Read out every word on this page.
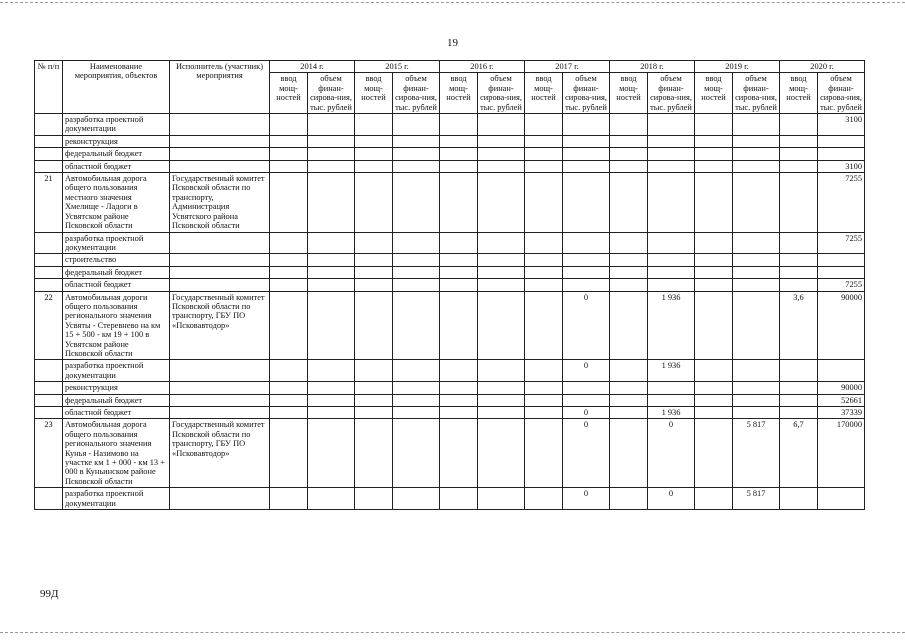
19
№ п/п	Наименование мероприятия, объектов	Исполнитель (участник) мероприятия	2014 г.		2015 г.		2016 г.		2017 г.		2018 г.		2019 г.		2020 г.	
			ввод мощ-ностей	объем финан-сирова-ния, тыс. рублей	ввод мощ-ностей	объем финан-сирова-ния, тыс. рублей	ввод мощ-ностей	объем финан-сирова-ния, тыс. рублей	ввод мощ-ностей	объем финан-сирова-ния, тыс. рублей	ввод мощ-ностей	объем финан-сирова-ния, тыс. рублей	ввод мощ-ностей	объем финан-сирова-ния, тыс. рублей	ввод мощ-ностей	объем финан-сирова-ния, тыс. рублей
	разработка проектной документации															3100
	реконструкция															
	федеральный бюджет															
	областной бюджет															3100
21	Автомобильная дорога общего пользования местного значения Хмелище - Ладоги в Усвятском районе Псковской области	Государственный комитет Псковской области по транспорту, Администрация Усвятского района Псковской области														7255
	разработка проектной документации															7255
	строительство															
	федеральный бюджет															
	областной бюджет															7255
22	Автомобильная дороги общего пользования регионального значения Усвяты - Стеревнево на км 15 + 500 - км 19 + 100 в Усвятском районе Псковской области	Государственный комитет Псковской области по транспорту, ГБУ ПО «Псковавтодор»								0		1 936			3,6	90000
	разработка проектной документации									0		1 936				
	реконструкция															90000
	федеральный бюджет															52661
	областной бюджет									0		1 936				37339
23	Автомобильная дорога общего пользования регионального значения Кунья - Назимово на участке км 1 + 000 - км 13 + 000 в Куньинском районе Псковской области	Государственный комитет Псковской области по транспорту, ГБУ ПО «Псковавтодор»								0		0		5 817	6,7	170000
	разработка проектной документации									0		0		5 817		
99Д
